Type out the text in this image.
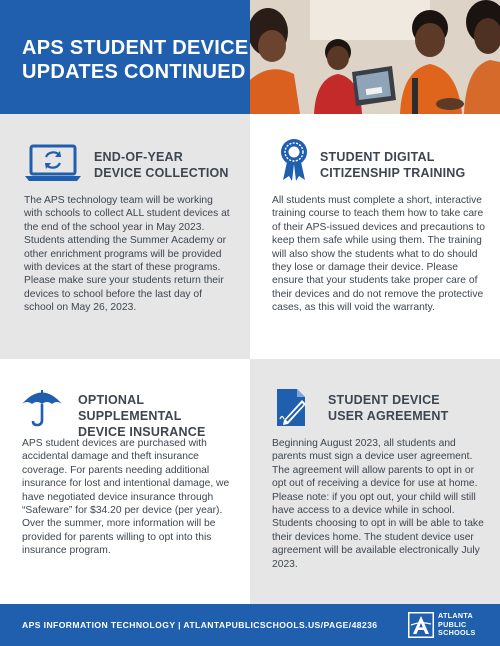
APS STUDENT DEVICE
UPDATES CONTINUED
END-OF-YEAR
DEVICE COLLECTION
The APS technology team will be working with schools to collect ALL student devices at the end of the school year in May 2023. Students attending the Summer Academy or other enrichment programs will be provided with devices at the start of these programs. Please make sure your students return their devices to school before the last day of school on May 26, 2023.
STUDENT DIGITAL
CITIZENSHIP TRAINING
All students must complete a short, interactive training course to teach them how to take care of their APS-issued devices and precautions to keep them safe while using them. The training will also show the students what to do should they lose or damage their device. Please ensure that your students take proper care of their devices and do not remove the protective cases, as this will void the warranty.
OPTIONAL SUPPLEMENTAL
DEVICE INSURANCE
APS student devices are purchased with accidental damage and theft insurance coverage. For parents needing additional insurance for lost and intentional damage, we have negotiated device insurance through “Safeware” for $34.20 per device (per year). Over the summer, more information will be provided for parents willing to opt into this insurance program.
STUDENT DEVICE
USER AGREEMENT
Beginning August 2023, all students and parents must sign a device user agreement. The agreement will allow parents to opt in or opt out of receiving a device for use at home. Please note: if you opt out, your child will still have access to a device while in school. Students choosing to opt in will be able to take their devices home. The student device user agreement will be available electronically July 2023.
APS INFORMATION TECHNOLOGY | ATLANTAPUBLICSCHOOLS.US/PAGE/48236
ATLANTA
PUBLIC
SCHOOLS
